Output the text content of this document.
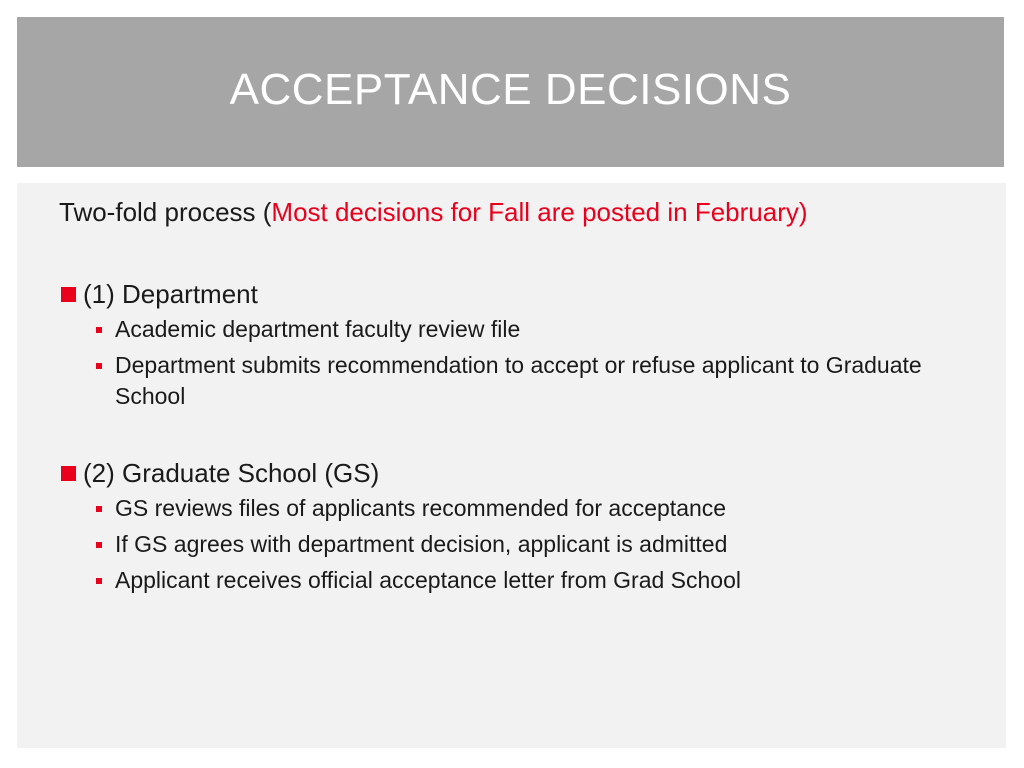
ACCEPTANCE DECISIONS
Two-fold process (Most decisions for Fall are posted in February)
(1) Department
Academic department faculty review file
Department submits recommendation to accept or refuse applicant to Graduate School
(2) Graduate School (GS)
GS reviews files of applicants recommended for acceptance
If GS agrees with department decision, applicant is admitted
Applicant receives official acceptance letter from Grad School
